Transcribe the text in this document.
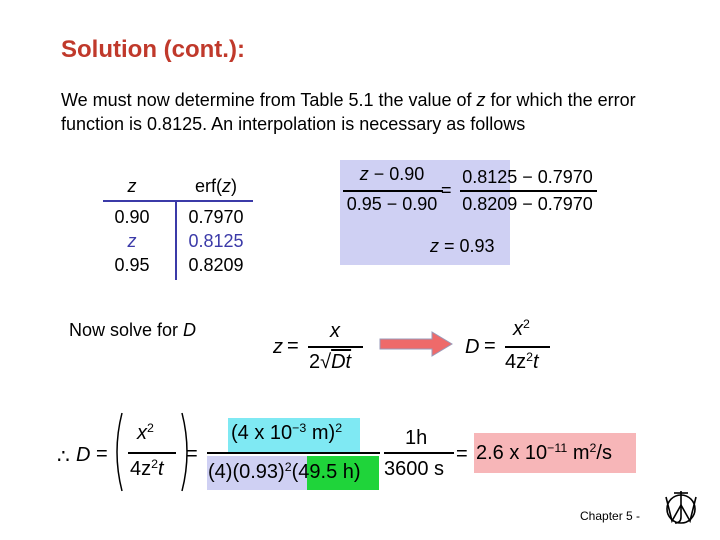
Solution (cont.):
We must now determine from Table 5.1 the value of z for which the error function is 0.8125. An interpolation is necessary as follows
z	erf(z)
0.90	0.7970
z	0.8125
0.95	0.8209
z − 0.90
0.95 − 0.90
=
0.8125 − 0.7970
0.8209 − 0.7970
z = 0.93
Now solve for D
z =
x
2√Dt
D =
$x^2$
$4z^2t$
∴ D =
$x^2$
$4z^2t$
=
(4 x $10^{-3}$ m)$^2$
$(4)(0.93)^2(49.5$ h)
1h
3600 s
= 2.6 x $10^{-11}$ $m^2/s$
Chapter 5 -
